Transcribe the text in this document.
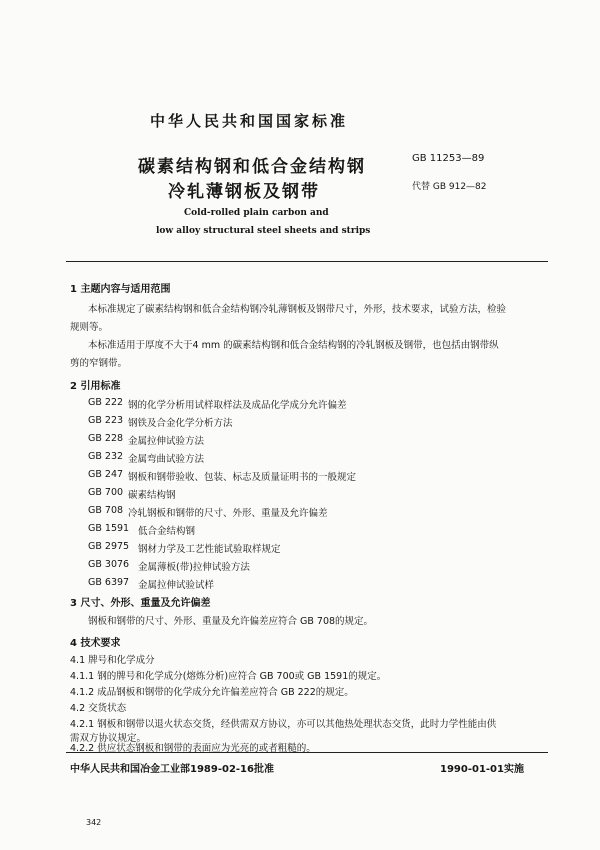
中华人民共和国国家标准
碳素结构钢和低合金结构钢
冷轧薄钢板及钢带
GB 11253—89
代替 GB 912—82
Cold-rolled plain carbon and
low alloy structural steel sheets and strips
1 主题内容与适用范围
本标准规定了碳素结构钢和低合金结构钢冷轧薄钢板及钢带尺寸，外形，技术要求，试验方法，检验
规则等。
本标准适用于厚度不大于4 mm 的碳素结构钢和低合金结构钢的冷轧钢板及钢带，也包括由钢带纵
剪的窄钢带。
2 引用标准
GB 222 钢的化学分析用试样取样法及成品化学成分允许偏差
GB 223 钢铁及合金化学分析方法
GB 228 金属拉伸试验方法
GB 232 金属弯曲试验方法
GB 247 钢板和钢带验收、包装、标志及质量证明书的一般规定
GB 700 碳素结构钢
GB 708 冷轧钢板和钢带的尺寸、外形、重量及允许偏差
GB 1591 低合金结构钢
GB 2975 钢材力学及工艺性能试验取样规定
GB 3076 金属薄板(带)拉伸试验方法
GB 6397 金属拉伸试验试样
3 尺寸、外形、重量及允许偏差
钢板和钢带的尺寸、外形、重量及允许偏差应符合 GB 708的规定。
4 技术要求
4.1 牌号和化学成分
4.1.1 钢的牌号和化学成分(熔炼分析)应符合 GB 700或 GB 1591的规定。
4.1.2 成品钢板和钢带的化学成分允许偏差应符合 GB 222的规定。
4.2 交货状态
4.2.1 钢板和钢带以退火状态交货，经供需双方协议，亦可以其他热处理状态交货，此时力学性能由供
中华人民共和国冶金工业部1989-02-16批准	1990-01-01实施
342
需双方协议规定。
4.2.2 供应状态钢板和钢带的表面应为光亮的或者粗糙的。
